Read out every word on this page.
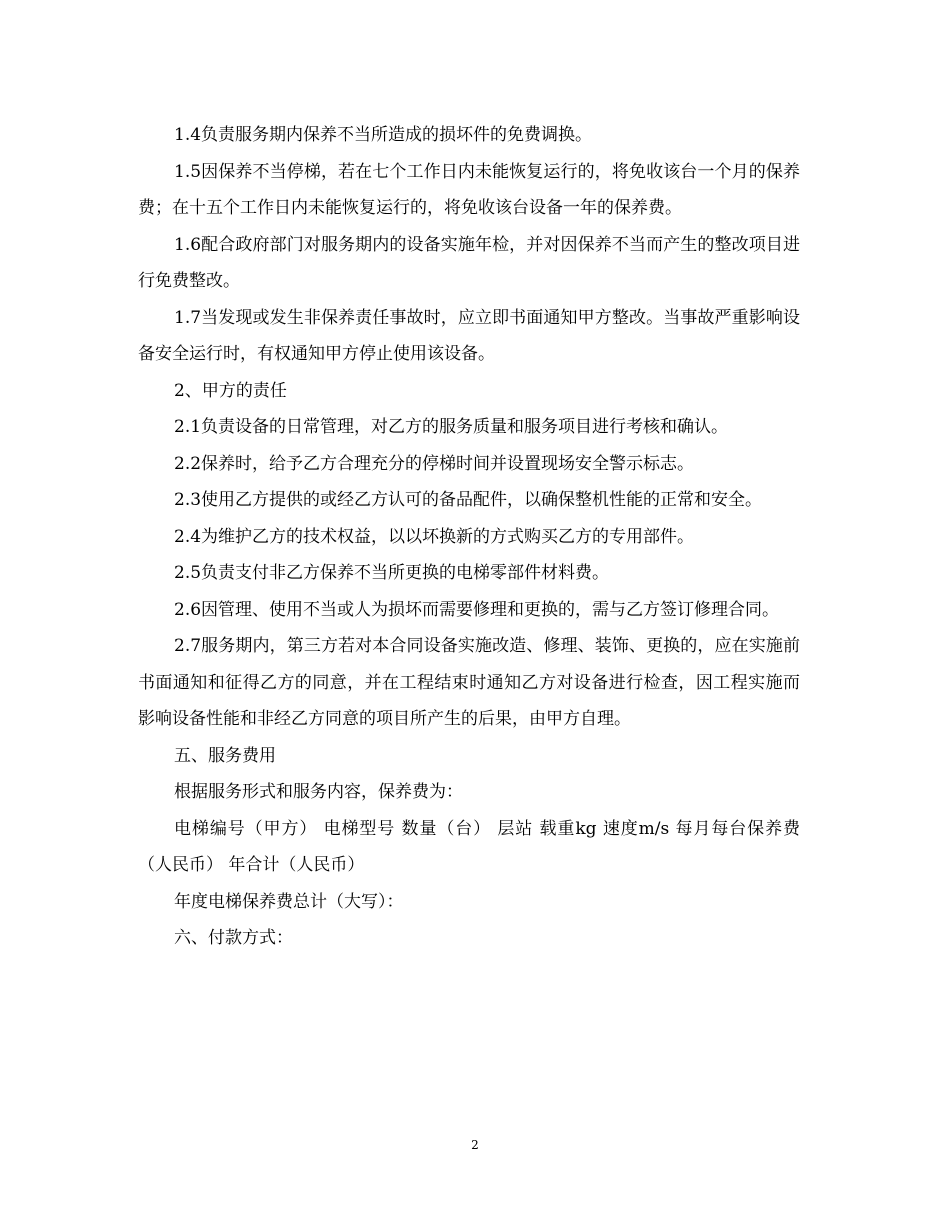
1.4负责服务期内保养不当所造成的损坏件的免费调换。

1.5因保养不当停梯，若在七个工作日内未能恢复运行的，将免收该台一个月的保养费；在十五个工作日内未能恢复运行的，将免收该台设备一年的保养费。

1.6配合政府部门对服务期内的设备实施年检，并对因保养不当而产生的整改项目进行免费整改。

1.7当发现或发生非保养责任事故时，应立即书面通知甲方整改。当事故严重影响设备安全运行时，有权通知甲方停止使用该设备。

2、甲方的责任

2.1负责设备的日常管理，对乙方的服务质量和服务项目进行考核和确认。

2.2保养时，给予乙方合理充分的停梯时间并设置现场安全警示标志。

2.3使用乙方提供的或经乙方认可的备品配件，以确保整机性能的正常和安全。

2.4为维护乙方的技术权益，以以坏换新的方式购买乙方的专用部件。

2.5负责支付非乙方保养不当所更换的电梯零部件材料费。

2.6因管理、使用不当或人为损坏而需要修理和更换的，需与乙方签订修理合同。

2.7服务期内，第三方若对本合同设备实施改造、修理、装饰、更换的，应在实施前书面通知和征得乙方的同意，并在工程结束时通知乙方对设备进行检查，因工程实施而影响设备性能和非经乙方同意的项目所产生的后果，由甲方自理。

五、服务费用

根据服务形式和服务内容，保养费为：

电梯编号（甲方） 电梯型号 数量（台） 层站 载重kg 速度m/s 每月每台保养费（人民币） 年合计（人民币）

年度电梯保养费总计（大写）：

六、付款方式：

2
